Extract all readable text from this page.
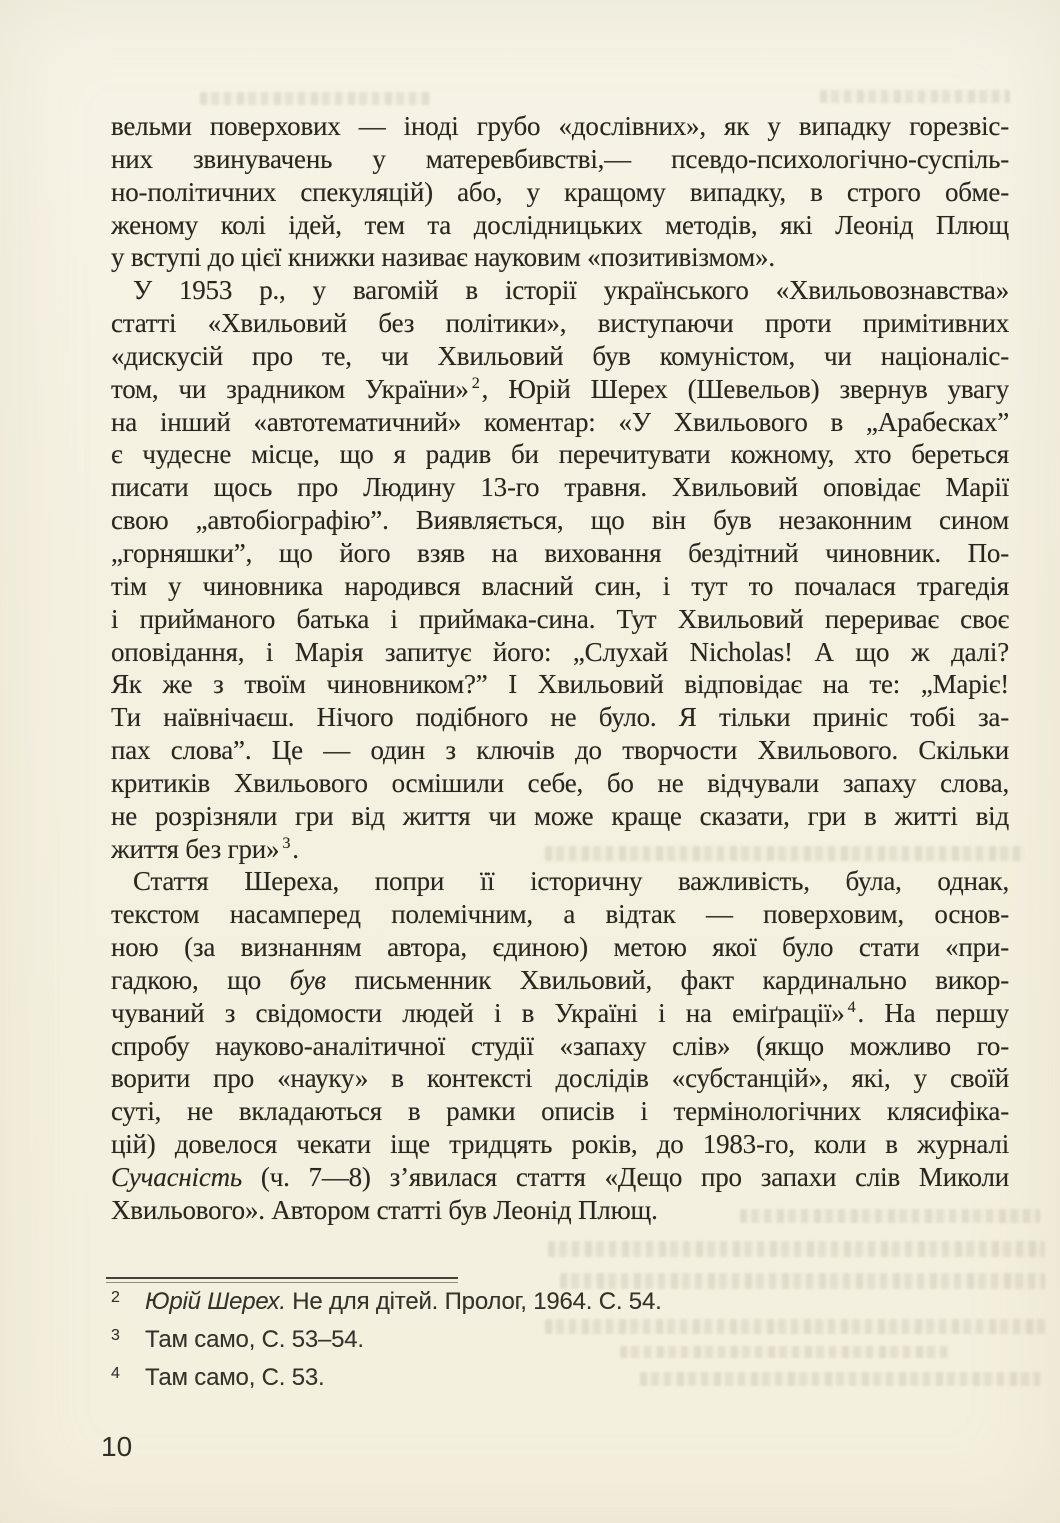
вельми поверхових — іноді грубо «дослівних», як у випадку горезвіс-
них звинувачень у матеревбивстві,— псевдо-психологічно-суспіль-
но-політичних спекуляцій) або, у кращому випадку, в строго обме-
женому колі ідей, тем та дослідницьких методів, які Леонід Плющ
у вступі до цієї книжки називає науковим «позитивізмом».
У 1953 р., у вагомій в історії українського «Хвильовознавства»
статті «Хвильовий без політики», виступаючи проти примітивних
«дискусій про те, чи Хвильовий був комуністом, чи націоналіс-
том, чи зрадником України» $^2$, Юрій Шерех (Шевельов) звернув увагу
на інший «автотематичний» коментар: «У Хвильового в „Арабесках”
є чудесне місце, що я радив би перечитувати кожному, хто береться
писати щось про Людину 13-го травня. Хвильовий оповідає Марії
свою „автобіографію”. Виявляється, що він був незаконним сином
„горняшки”, що його взяв на виховання бездітний чиновник. По-
тім у чиновника народився власний син, і тут то почалася трагедія
і прийманого батька і приймака-сина. Тут Хвильовий перериває своє
оповідання, і Марія запитує його: „Слухай Nicholas! А що ж далі?
Як же з твоїм чиновником?” І Хвильовий відповідає на те: „Маріє!
Ти наївнічаєш. Нічого подібного не було. Я тільки приніс тобі за-
пах слова”. Це — один з ключів до творчости Хвильового. Скільки
критиків Хвильового осмішили себе, бо не відчували запаху слова,
не розрізняли гри від життя чи може краще сказати, гри в житті від
життя без гри» $^3$.
Стаття Шереха, попри її історичну важливість, була, однак,
текстом насамперед полемічним, а відтак — поверховим, основ-
ною (за визнанням автора, єдиною) метою якої було стати «при-
гадкою, що був письменник Хвильовий, факт кардинально викор-
чуваний з свідомости людей і в Україні і на еміґрації» $^4$. На першу
спробу науково-аналітичної студії «запаху слів» (якщо можливо го-
ворити про «науку» в контексті дослідів «субстанцій», які, у своїй
суті, не вкладаються в рамки описів і термінологічних клясифіка-
цій) довелося чекати іще тридцять років, до 1983-го, коли в журналі
Сучасність (ч. 7—8) з’явилася стаття «Дещо про запахи слів Миколи
Хвильового». Автором статті був Леонід Плющ.
2 Юрій Шерех. Не для дітей. Пролог, 1964. С. 54.
3 Там само, С. 53–54.
4 Там само, С. 53.
10
